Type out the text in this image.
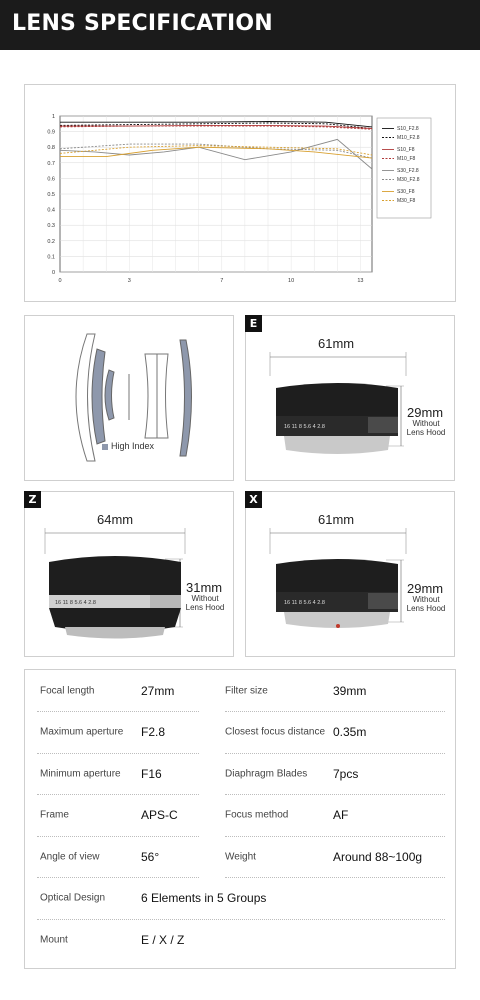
LENS SPECIFICATION
0
0.1
0.2
0.3
0.4
0.5
0.6
0.7
0.8
0.9
1
0	3	7	10	13
S10_F2.8
M10_F2.8
S10_F8
M10_F8
S30_F2.8
M30_F2.8
S30_F8
M30_F8
High Index
E
16 11 8 5.6 4 2.8
61mm
29mm
Without
Lens Hood
Z
16 11 8 5.6 4 2.8
64mm
31mm
Without
Lens Hood
X
16 11 8 5.6 4 2.8
61mm
29mm
Without
Lens Hood
Focal length	27mm	Filter size	39mm
Maximum aperture F2.8	Closest focus distance 0.35m
Minimum aperture F16	Diaphragm Blades 7pcs
Frame	APS-C	Focus method	AF
Angle of view	56°	Weight	Around 88~100g
Optical Design	6 Elements in 5 Groups
Mount	E / X / Z
